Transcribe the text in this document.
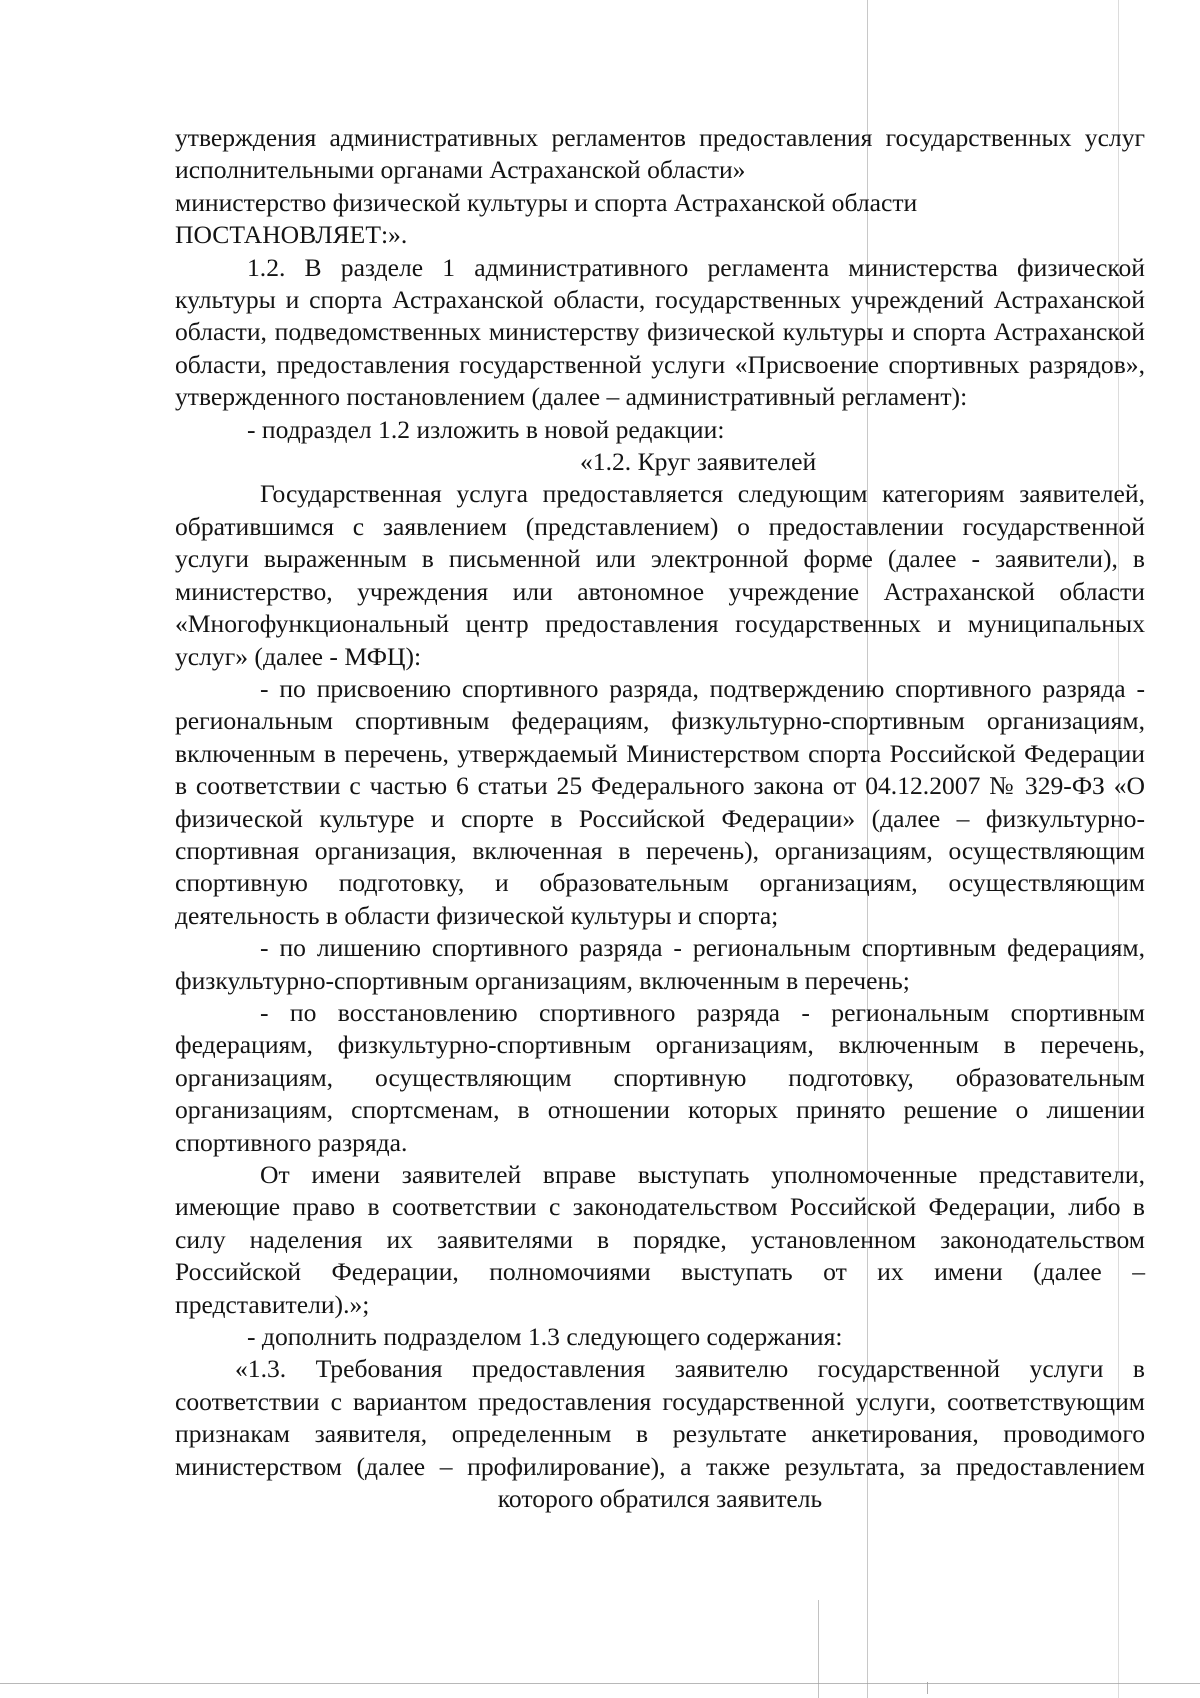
утверждения административных регламентов предоставления государственных услуг исполнительными органами Астраханской области»

министерство физической культуры и спорта Астраханской области

ПОСТАНОВЛЯЕТ:».

1.2. В разделе 1 административного регламента министерства физической культуры и спорта Астраханской области, государственных учреждений Астраханской области, подведомственных министерству физической культуры и спорта Астраханской области, предоставления государственной услуги «Присвоение спортивных разрядов», утвержденного постановлением (далее – административный регламент):

- подраздел 1.2 изложить в новой редакции:

«1.2. Круг заявителей

Государственная услуга предоставляется следующим категориям заявителей, обратившимся с заявлением (представлением) о предоставлении государственной услуги выраженным в письменной или электронной форме (далее - заявители), в министерство, учреждения или автономное учреждение Астраханской области «Многофункциональный центр предоставления государственных и муниципальных услуг» (далее - МФЦ):

- по присвоению спортивного разряда, подтверждению спортивного разряда - региональным спортивным федерациям, физкультурно-спортивным организациям, включенным в перечень, утверждаемый Министерством спорта Российской Федерации в соответствии с частью 6 статьи 25 Федерального закона от 04.12.2007 № 329-ФЗ «О физической культуре и спорте в Российской Федерации» (далее – физкультурно-спортивная организация, включенная в перечень), организациям, осуществляющим спортивную подготовку, и образовательным организациям, осуществляющим деятельность в области физической культуры и спорта;

- по лишению спортивного разряда - региональным спортивным федерациям, физкультурно-спортивным организациям, включенным в перечень;

- по восстановлению спортивного разряда - региональным спортивным федерациям, физкультурно-спортивным организациям, включенным в перечень, организациям, осуществляющим спортивную подготовку, образовательным организациям, спортсменам, в отношении которых принято решение о лишении спортивного разряда.

От имени заявителей вправе выступать уполномоченные представители, имеющие право в соответствии с законодательством Российской Федерации, либо в силу наделения их заявителями в порядке, установленном законодательством Российской Федерации, полномочиями выступать от их имени (далее – представители).»;

- дополнить подразделом 1.3 следующего содержания:

«1.3. Требования предоставления заявителю государственной услуги в соответствии с вариантом предоставления государственной услуги, соответствующим признакам заявителя, определенным в результате анкетирования, проводимого министерством (далее – профилирование), а также результата, за предоставлением которого обратился заявитель
